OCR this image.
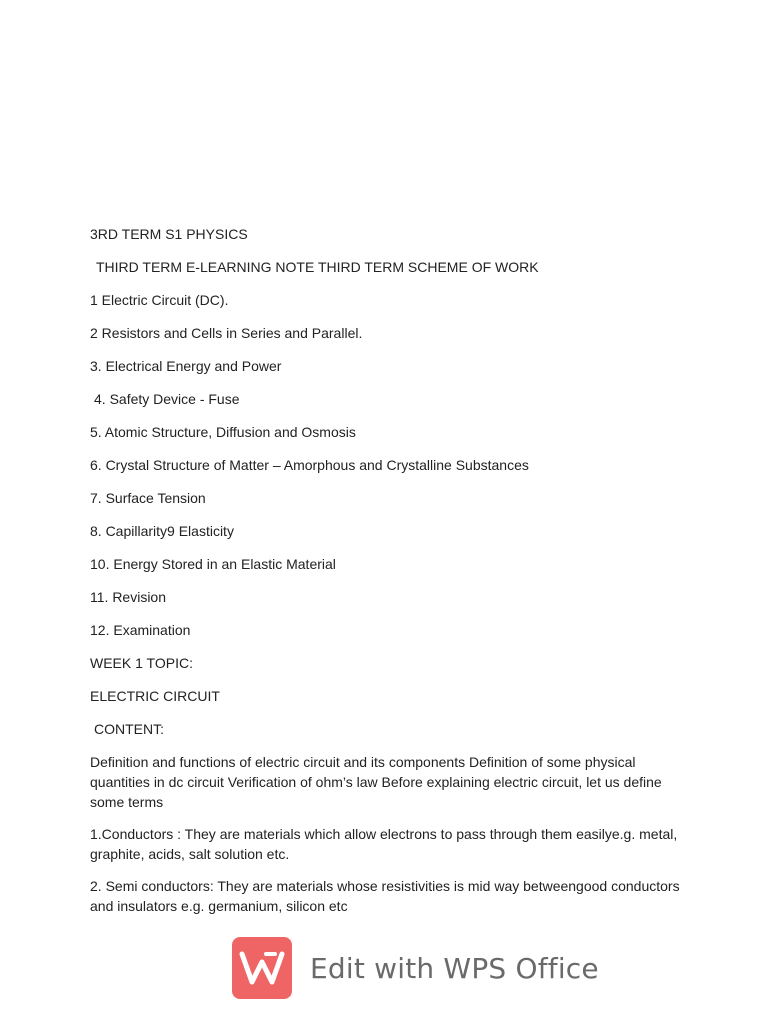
3RD TERM S1 PHYSICS
THIRD TERM E-LEARNING NOTE THIRD TERM SCHEME OF WORK
1 Electric Circuit (DC).
2 Resistors and Cells in Series and Parallel.
3. Electrical Energy and Power
4. Safety Device - Fuse
5. Atomic Structure, Diffusion and Osmosis
6. Crystal Structure of Matter – Amorphous and Crystalline Substances
7. Surface Tension
8. Capillarity9 Elasticity
10. Energy Stored in an Elastic Material
11. Revision
12. Examination
WEEK 1 TOPIC:
ELECTRIC CIRCUIT
CONTENT:
Definition and functions of electric circuit and its components Definition of some physical quantities in dc circuit Verification of ohm’s law Before explaining electric circuit, let us define some terms
1.Conductors : They are materials which allow electrons to pass through them easilye.g. metal, graphite, acids, salt solution etc.
2. Semi conductors: They are materials whose resistivities is mid way betweengood conductors and insulators e.g. germanium, silicon etc
Edit with WPS Office
